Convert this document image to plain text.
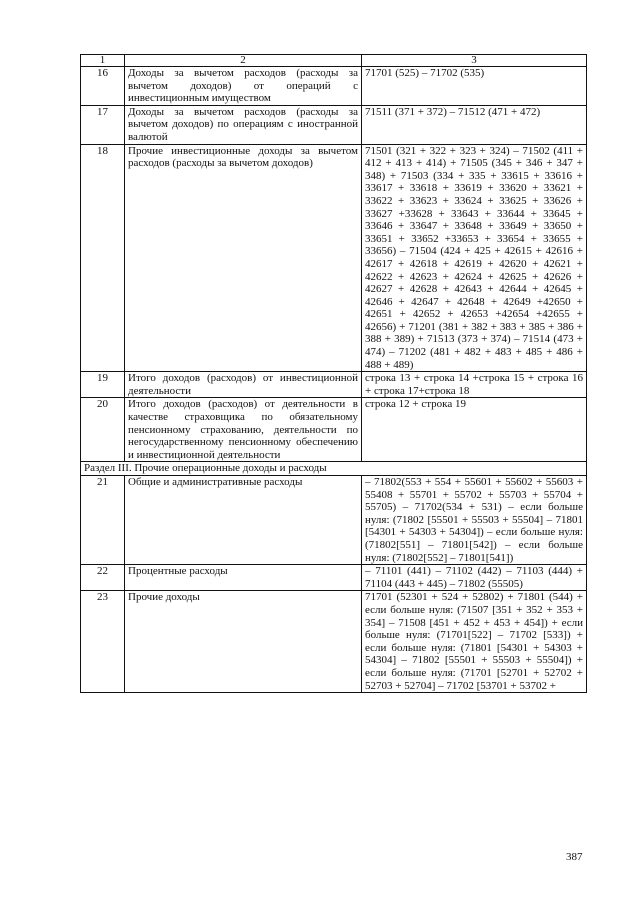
1	2	3
16	Доходы за вычетом расходов (расходы за вычетом доходов) от операций с инвестиционным имуществом	71701 (525) – 71702 (535)
17	Доходы за вычетом расходов (расходы за вычетом доходов) по операциям с иностранной валютой	71511 (371 + 372) – 71512 (471 + 472)
18	Прочие инвестиционные доходы за вычетом расходов (расходы за вычетом доходов)	71501 (321 + 322 + 323 + 324) – 71502 (411 + 412 + 413 + 414) + 71505 (345 + 346 + 347 + 348) + 71503 (334 + 335 + 33615 + 33616 + 33617 + 33618 + 33619 + 33620 + 33621 + 33622 + 33623 + 33624 + 33625 + 33626 + 33627 +33628 + 33643 + 33644 + 33645 + 33646 + 33647 + 33648 + 33649 + 33650 + 33651 + 33652 +33653 + 33654 + 33655 + 33656) – 71504 (424 + 425 + 42615 + 42616 + 42617 + 42618 + 42619 + 42620 + 42621 + 42622 + 42623 + 42624 + 42625 + 42626 + 42627 + 42628 + 42643 + 42644 + 42645 + 42646 + 42647 + 42648 + 42649 +42650 + 42651 + 42652 + 42653 +42654 +42655 + 42656) + 71201 (381 + 382 + 383 + 385 + 386 + 388 + 389) + 71513 (373 + 374) – 71514 (473 + 474) – 71202 (481 + 482 + 483 + 485 + 486 + 488 + 489)
19	Итого доходов (расходов) от инвестиционной деятельности	строка 13 + строка 14 +строка 15 + строка 16 + строка 17+строка 18
20	Итого доходов (расходов) от деятельности в качестве страховщика по обязательному пенсионному страхованию, деятельности по негосударственному пенсионному обеспечению и инвестиционной деятельности	строка 12 + строка 19
Раздел III. Прочие операционные доходы и расходы		
21	Общие и административные расходы	– 71802(553 + 554 + 55601 + 55602 + 55603 + 55408 + 55701 + 55702 + 55703 + 55704 + 55705) – 71702(534 + 531) – если больше нуля: (71802 [55501 + 55503 + 55504] – 71801 [54301 + 54303 + 54304]) – если больше нуля: (71802[551] – 71801[542]) – если больше нуля: (71802[552] – 71801[541])
22	Процентные расходы	– 71101 (441) – 71102 (442) – 71103 (444) + 71104 (443 + 445) – 71802 (55505)
23	Прочие доходы	71701 (52301 + 524 + 52802) + 71801 (544) + если больше нуля: (71507 [351 + 352 + 353 + 354] – 71508 [451 + 452 + 453 + 454]) + если больше нуля: (71701[522] – 71702 [533]) + если больше нуля: (71801 [54301 + 54303 + 54304] – 71802 [55501 + 55503 + 55504]) + если больше нуля: (71701 [52701 + 52702 + 52703 + 52704] – 71702 [53701 + 53702 +
387
